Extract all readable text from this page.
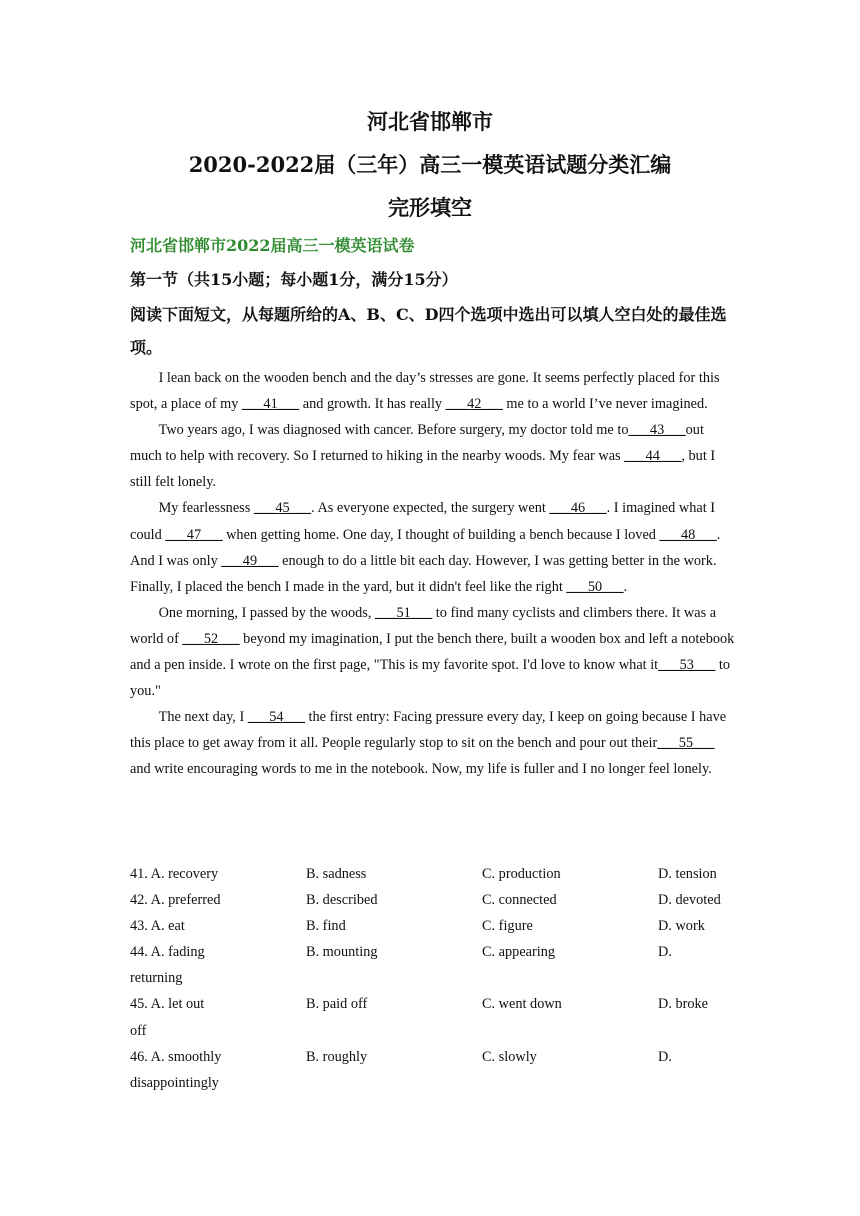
河北省邯郸市
2020-2022届（三年）高三一模英语试题分类汇编
完形填空
河北省邯郸市2022届高三一模英语试卷
第一节（共15小题；每小题1分，满分15分）
阅读下面短文，从每题所给的A、B、C、D四个选项中选出可以填人空白处的最佳选项。

  I lean back on the wooden bench and the day’s stresses are gone. It seems perfectly placed for this spot, a place of my ___41___ and growth. It has really ___42___ me to a world I’ve never imagined.

  Two years ago, I was diagnosed with cancer. Before surgery, my doctor told me to___43___out much to help with recovery. So I returned to hiking in the nearby woods. My fear was ___44___, but I still felt lonely.

  My fearlessness ___45___. As everyone expected, the surgery went ___46___. I imagined what I could ___47___ when getting home. One day, I thought of building a bench because I loved ___48___. And I was only ___49___ enough to do a little bit each day. However, I was getting better in the work. Finally, I placed the bench I made in the yard, but it didn't feel like the right ___50___.

  One morning, I passed by the woods, ___51___ to find many cyclists and climbers there. It was a world of ___52___ beyond my imagination, I put the bench there, built a wooden box and left a notebook and a pen inside. I wrote on the first page, "This is my favorite spot. I'd love to know what it___53___ to you."

  The next day, I ___54___ the first entry: Facing pressure every day, I keep on going because I have this place to get away from it all. People regularly stop to sit on the bench and pour out their___55___ and write encouraging words to me in the notebook. Now, my life is fuller and I no longer feel lonely.

41. A. recovery	B. sadness	C. production	D. tension
42. A. preferred	B. described	C. connected	D. devoted
43. A. eat	B. find	C. figure	D. work
44. A. fading	B. mounting	C. appearing	D.
returning
45. A. let out	B. paid off	C. went down	D. broke
off
46. A. smoothly	B. roughly	C. slowly	D.
disappointingly
